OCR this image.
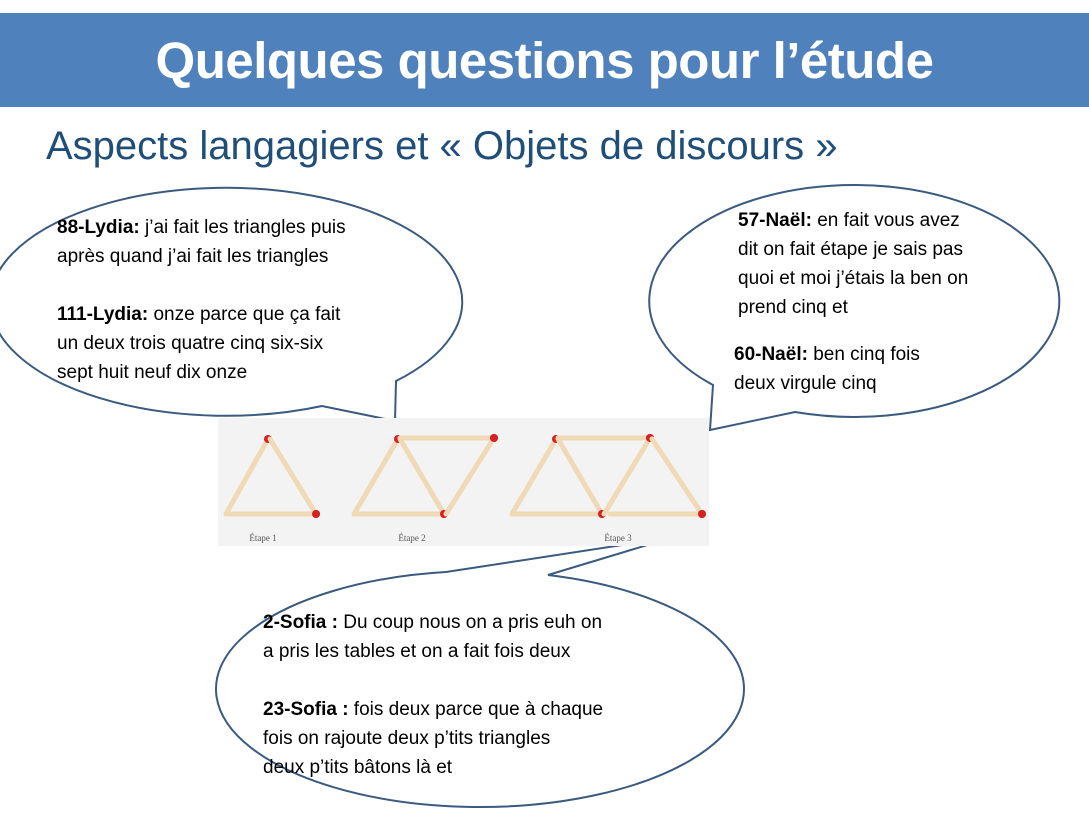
Quelques questions pour l’étude
Aspects langagiers et « Objets de discours »
88-Lydia: j’ai fait les triangles puis
après quand j’ai fait les triangles
111-Lydia: onze parce que ça fait
un deux trois quatre cinq six-six
sept huit neuf dix onze
57-Naël: en fait vous avez
dit on fait étape je sais pas
quoi et moi j’étais la ben on
prend cinq et
60-Naël: ben cinq fois
deux virgule cinq
2-Sofia : Du coup nous on a pris euh on
a pris les tables et on a fait fois deux
23-Sofia : fois deux parce que à chaque
fois on rajoute deux p’tits triangles
deux p’tits bâtons là et
Étape 1	Étape 2	Étape 3
